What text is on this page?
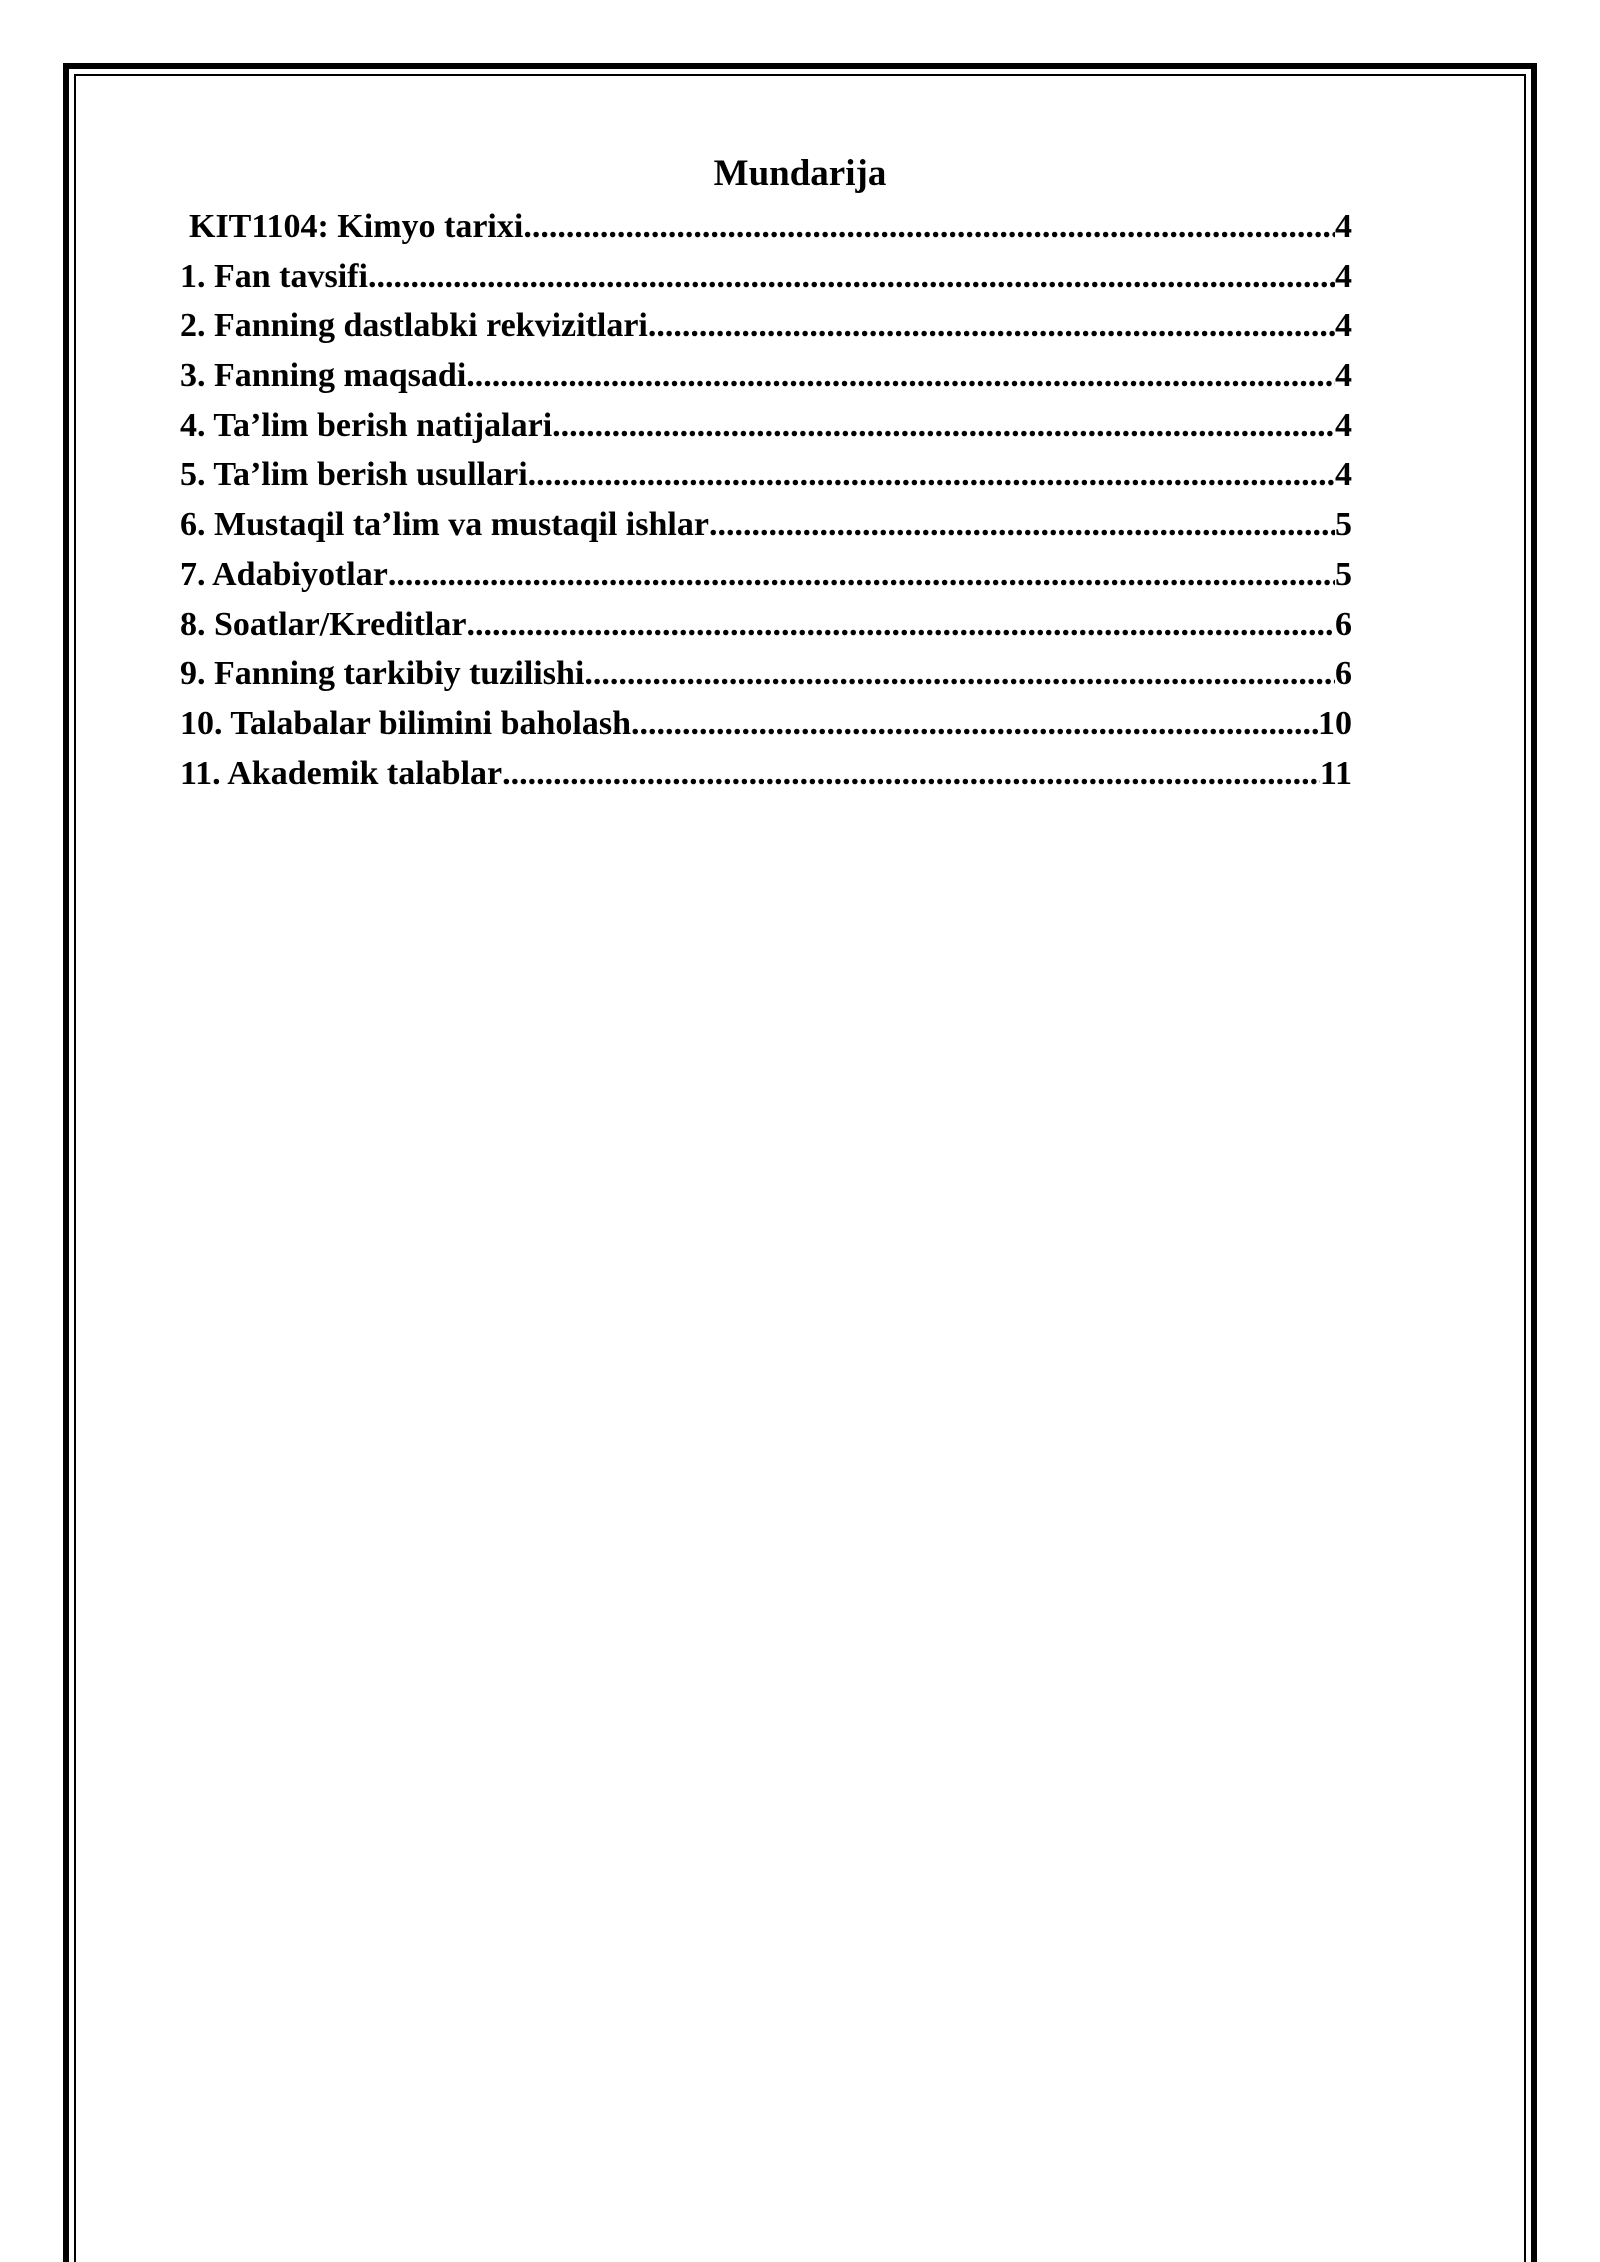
Mundarija
KIT1104: Kimyo tarixi .....	4
1. Fan tavsifi .....	4
2. Fanning dastlabki rekvizitlari .....	4
3. Fanning maqsadi .....	4
4. Ta’lim berish natijalari .....	4
5. Ta’lim berish usullari .....	4
6. Mustaqil ta’lim va mustaqil ishlar .....	5
7. Adabiyotlar .....	5
8. Soatlar/Kreditlar .....	6
9. Fanning tarkibiy tuzilishi .....	6
10. Talabalar bilimini baholash .....	10
11. Akademik talablar .....	11
